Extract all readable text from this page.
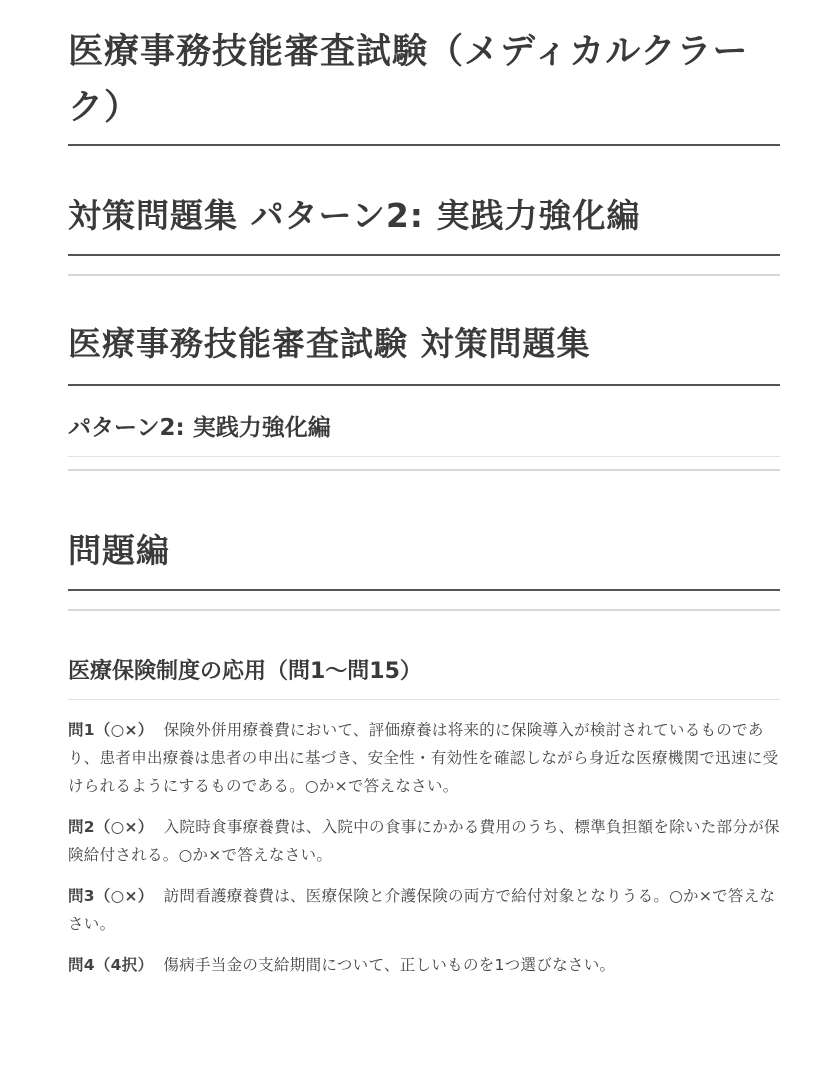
医療事務技能審査試験（メディカルクラー
ク）
対策問題集 パターン2: 実践力強化編
医療事務技能審査試験 対策問題集
パターン2: 実践力強化編
問題編
医療保険制度の応用（問1〜問15）

問1（○×） 保険外併用療養費において、評価療養は将来的に保険導入が検討されているものであり、患者申出療養は患者の申出に基づき、安全性・有効性を確認しながら身近な医療機関で迅速に受けられるようにするものである。○か×で答えなさい。

問2（○×） 入院時食事療養費は、入院中の食事にかかる費用のうち、標準負担額を除いた部分が保険給付される。○か×で答えなさい。

問3（○×） 訪問看護療養費は、医療保険と介護保険の両方で給付対象となりうる。○か×で答えなさい。

問4（4択） 傷病手当金の支給期間について、正しいものを1つ選びなさい。
